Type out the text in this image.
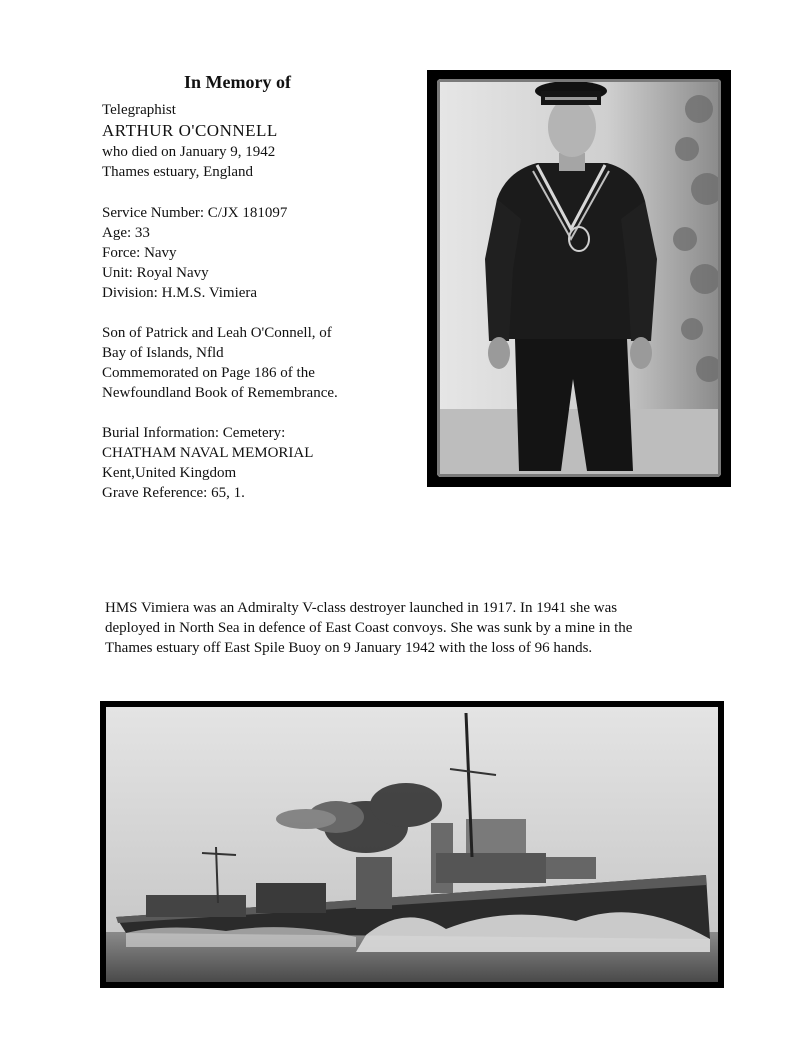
In Memory of
Telegraphist
ARTHUR O'CONNELL
who died on January 9, 1942
Thames estuary, England
Service Number: C/JX 181097
Age: 33
Force: Navy
Unit: Royal Navy
Division: H.M.S. Vimiera
Son of Patrick and Leah O'Connell, of
Bay of Islands, Nfld
Commemorated on Page 186 of the
Newfoundland Book of Remembrance.
Burial Information: Cemetery:
CHATHAM NAVAL MEMORIAL
Kent,United Kingdom
Grave Reference: 65, 1.
HMS Vimiera was an Admiralty V-class destroyer launched in 1917. In 1941 she was
deployed in North Sea in defence of East Coast convoys. She was sunk by a mine in the
Thames estuary off East Spile Buoy on 9 January 1942 with the loss of 96 hands.
